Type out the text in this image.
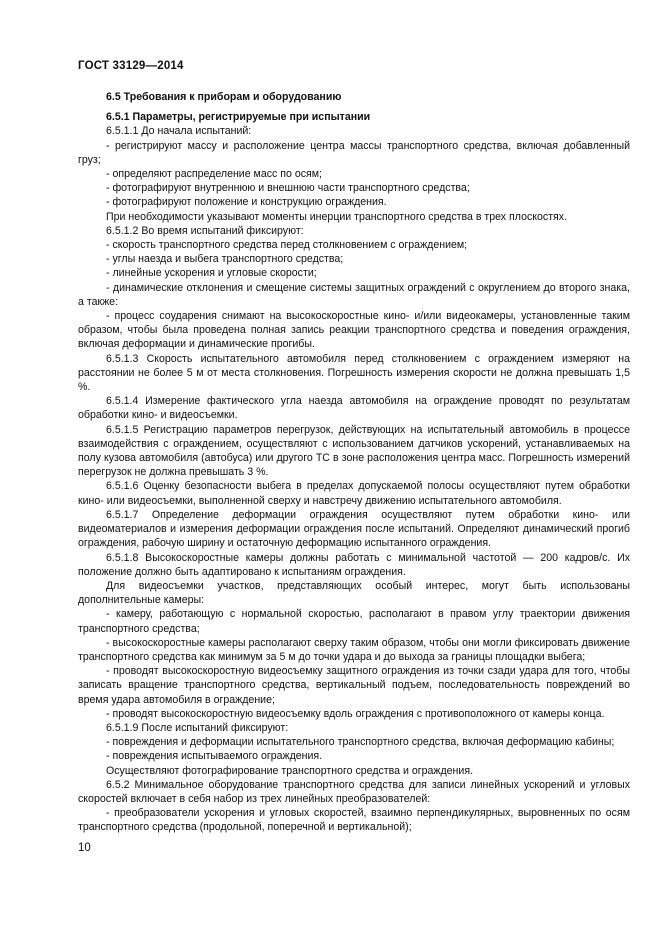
ГОСТ 33129—2014
6.5 Требования к приборам и оборудованию
6.5.1 Параметры, регистрируемые при испытании

6.5.1.1 До начала испытаний:

- регистрируют массу и расположение центра массы транспортного средства, включая добавленный груз;

- определяют распределение масс по осям;

- фотографируют внутреннюю и внешнюю части транспортного средства;

- фотографируют положение и конструкцию ограждения.

При необходимости указывают моменты инерции транспортного средства в трех плоскостях.

6.5.1.2 Во время испытаний фиксируют:

- скорость транспортного средства перед столкновением с ограждением;

- углы наезда и выбега транспортного средства;

- линейные ускорения и угловые скорости;

- динамические отклонения и смещение системы защитных ограждений с округлением до второго знака, а также:

- процесс соударения снимают на высокоскоростные кино- и/или видеокамеры, установленные таким образом, чтобы была проведена полная запись реакции транспортного средства и поведения ограждения, включая деформации и динамические прогибы.

6.5.1.3 Скорость испытательного автомобиля перед столкновением с ограждением измеряют на расстоянии не более 5 м от места столкновения. Погрешность измерения скорости не должна превышать 1,5 %.

6.5.1.4 Измерение фактического угла наезда автомобиля на ограждение проводят по результатам обработки кино- и видеосъемки.

6.5.1.5 Регистрацию параметров перегрузок, действующих на испытательный автомобиль в процессе взаимодействия с ограждением, осуществляют с использованием датчиков ускорений, устанавливаемых на полу кузова автомобиля (автобуса) или другого ТС в зоне расположения центра масс. Погрешность измерений перегрузок не должна превышать 3 %.

6.5.1.6 Оценку безопасности выбега в пределах допускаемой полосы осуществляют путем обработки кино- или видеосъемки, выполненной сверху и навстречу движению испытательного автомобиля.

6.5.1.7 Определение деформации ограждения осуществляют путем обработки кино- или видеоматериалов и измерения деформации ограждения после испытаний. Определяют динамический прогиб ограждения, рабочую ширину и остаточную деформацию испытанного ограждения.

6.5.1.8 Высокоскоростные камеры должны работать с минимальной частотой — 200 кадров/с. Их положение должно быть адаптировано к испытаниям ограждения.

Для видеосъемки участков, представляющих особый интерес, могут быть использованы дополнительные камеры:

- камеру, работающую с нормальной скоростью, располагают в правом углу траектории движения транспортного средства;

- высокоскоростные камеры располагают сверху таким образом, чтобы они могли фиксировать движение транспортного средства как минимум за 5 м до точки удара и до выхода за границы площадки выбега;

- проводят высокоскоростную видеосъемку защитного ограждения из точки сзади удара для того, чтобы записать вращение транспортного средства, вертикальный подъем, последовательность повреждений во время удара автомобиля в ограждение;

- проводят высокоскоростную видеосъемку вдоль ограждения с противоположного от камеры конца.

6.5.1.9 После испытаний фиксируют:

- повреждения и деформации испытательного транспортного средства, включая деформацию кабины;

- повреждения испытываемого ограждения.

Осуществляют фотографирование транспортного средства и ограждения.

6.5.2 Минимальное оборудование транспортного средства для записи линейных ускорений и угловых скоростей включает в себя набор из трех линейных преобразователей:

- преобразователи ускорения и угловых скоростей, взаимно перпендикулярных, выровненных по осям транспортного средства (продольной, поперечной и вертикальной);

10
